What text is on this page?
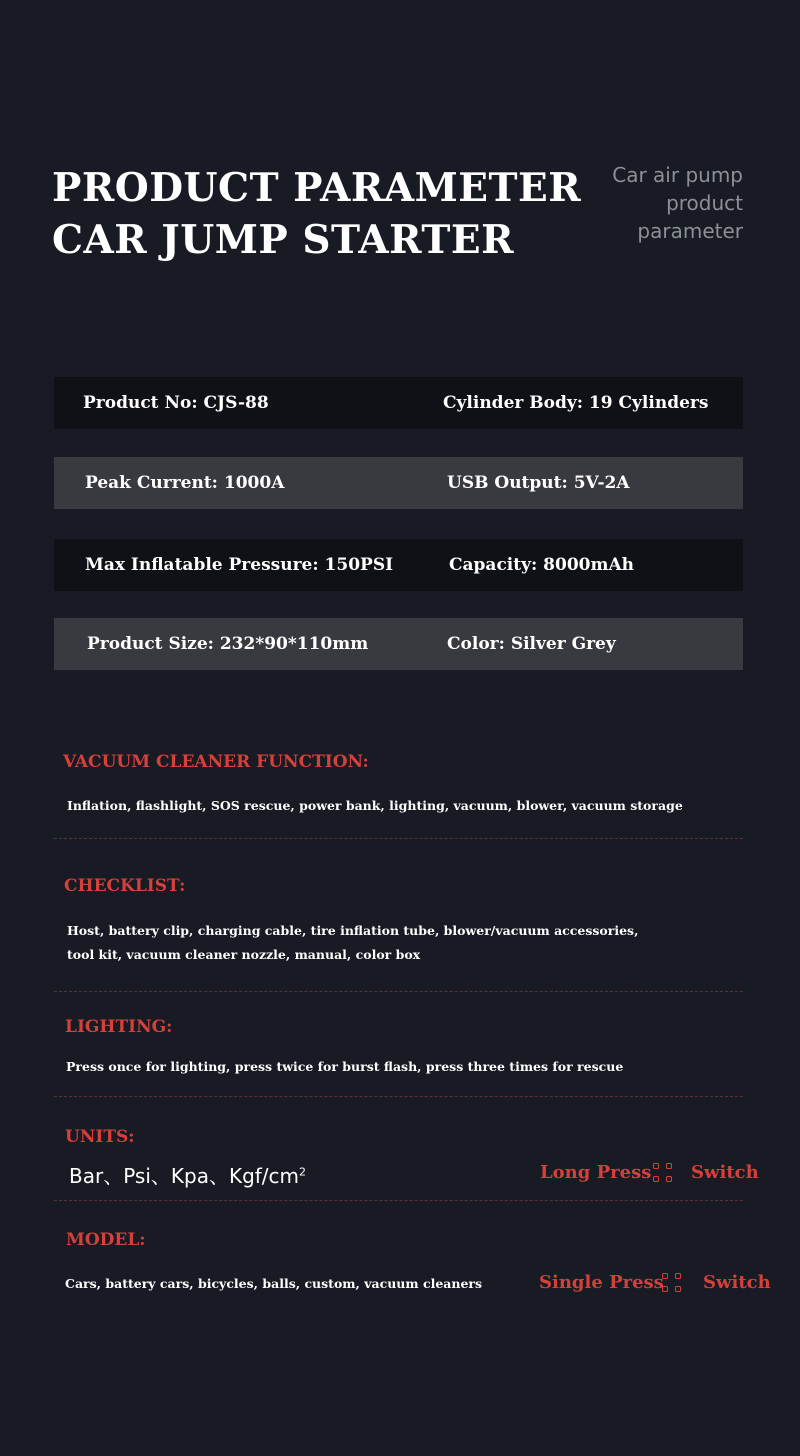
PRODUCT PARAMETER
CAR JUMP STARTER
Car air pump
product
parameter
Product No: CJS-88	Cylinder Body: 19 Cylinders
Peak Current: 1000A	USB Output: 5V-2A
Max Inflatable Pressure: 150PSI	Capacity: 8000mAh
Product Size: 232*90*110mm	Color: Silver Grey
VACUUM CLEANER FUNCTION:
Inflation, flashlight, SOS rescue, power bank, lighting, vacuum, blower, vacuum storage
CHECKLIST:
Host, battery clip, charging cable, tire inflation tube, blower/vacuum accessories,
tool kit, vacuum cleaner nozzle, manual, color box
LIGHTING:
Press once for lighting, press twice for burst flash, press three times for rescue
UNITS:
Bar、Psi、Kpa、Kgf/$cm^2$	Long Press Switch
MODEL:
Cars, battery cars, bicycles, balls, custom, vacuum cleaners	Single Press Switch
